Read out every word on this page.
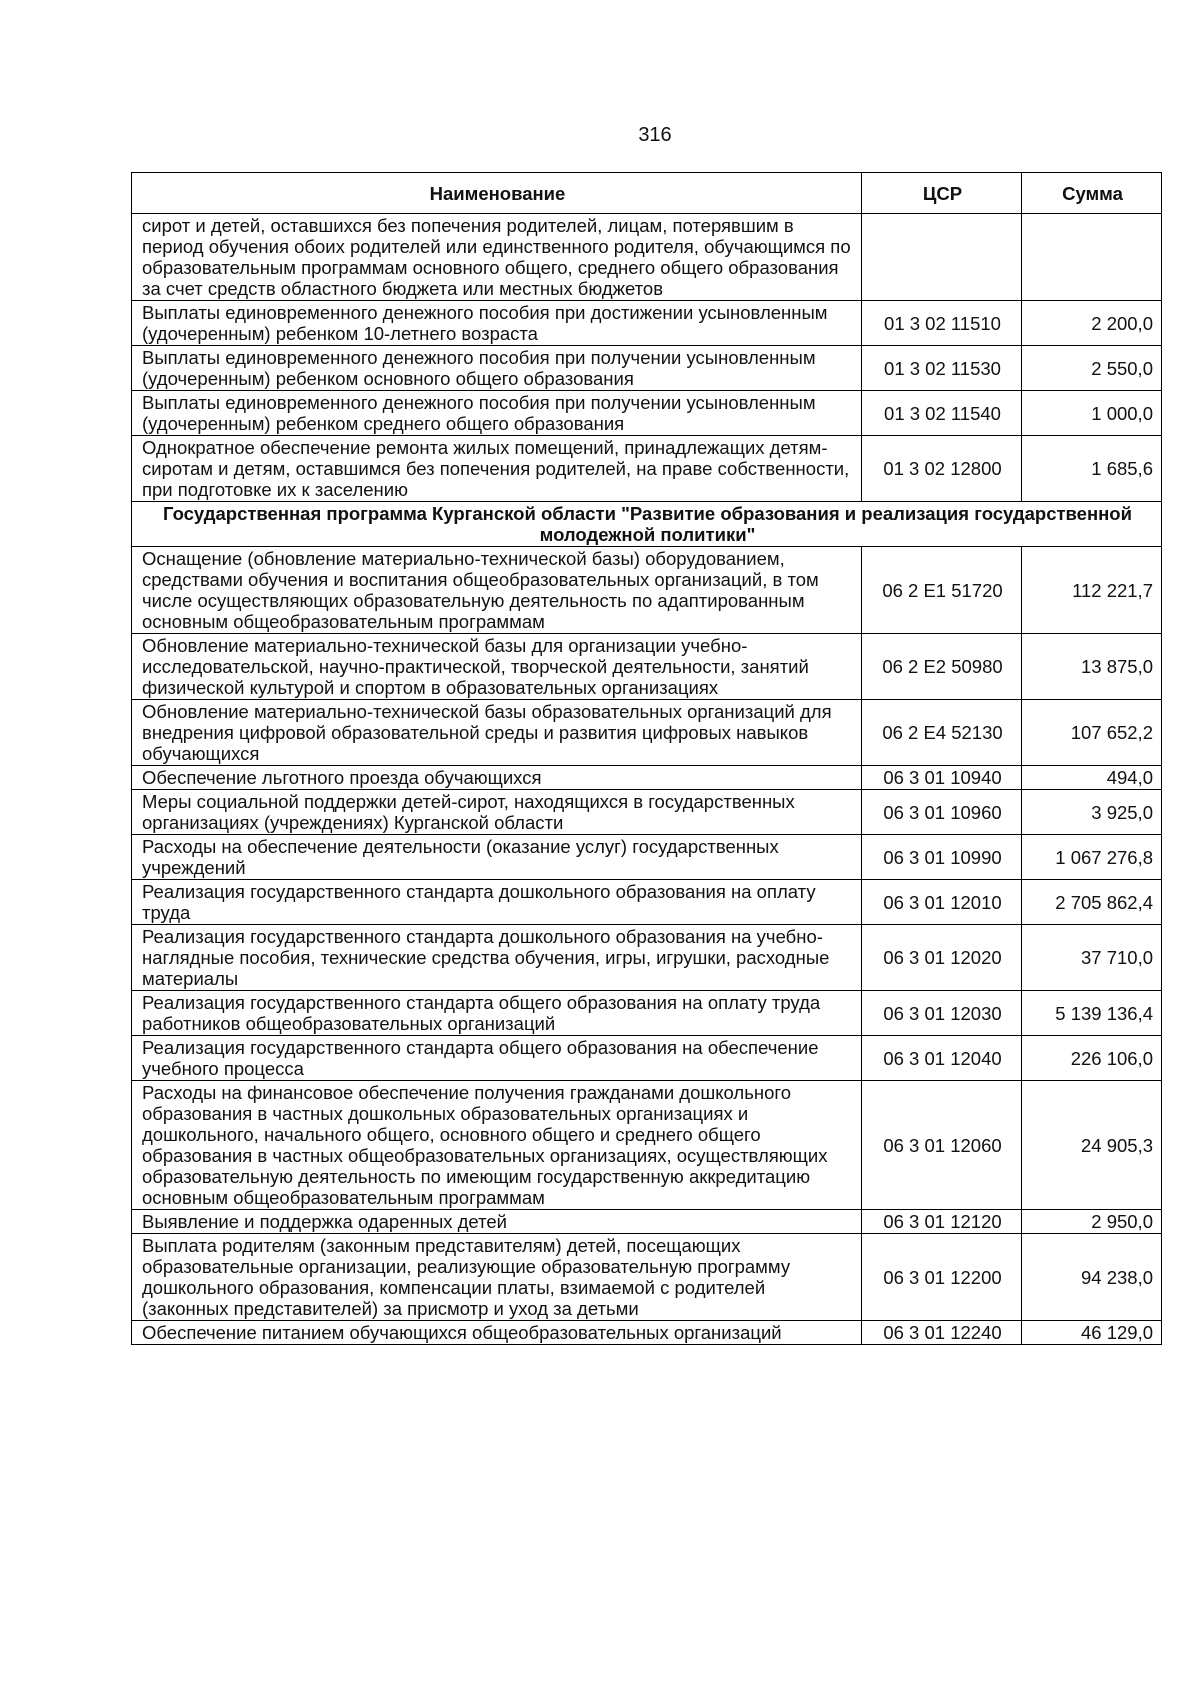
316
Наименование	ЦСР	Сумма
сирот и детей, оставшихся без попечения родителей, лицам, потерявшим в период обучения обоих родителей или единственного родителя, обучающимся по образовательным программам основного общего, среднего общего образования за счет средств областного бюджета или местных бюджетов		
Выплаты единовременного денежного пособия при достижении усыновленным (удочеренным) ребенком 10-летнего возраста	01 3 02 11510	2 200,0
Выплаты единовременного денежного пособия при получении усыновленным (удочеренным) ребенком основного общего образования	01 3 02 11530	2 550,0
Выплаты единовременного денежного пособия при получении усыновленным (удочеренным) ребенком среднего общего образования	01 3 02 11540	1 000,0
Однократное обеспечение ремонта жилых помещений, принадлежащих детям-сиротам и детям, оставшимся без попечения родителей, на праве собственности, при подготовке их к заселению	01 3 02 12800	1 685,6
Государственная программа Курганской области "Развитие образования и реализация государственной молодежной политики"		
Оснащение (обновление материально-технической базы) оборудованием, средствами обучения и воспитания общеобразовательных организаций, в том числе осуществляющих образовательную деятельность по адаптированным основным общеобразовательным программам	06 2 Е1 51720	112 221,7
Обновление материально-технической базы для организации учебно-исследовательской, научно-практической, творческой деятельности, занятий физической культурой и спортом в образовательных организациях	06 2 Е2 50980	13 875,0
Обновление материально-технической базы образовательных организаций для внедрения цифровой образовательной среды и развития цифровых навыков обучающихся	06 2 Е4 52130	107 652,2
Обеспечение льготного проезда обучающихся	06 3 01 10940	494,0
Меры социальной поддержки детей-сирот, находящихся в государственных организациях (учреждениях) Курганской области	06 3 01 10960	3 925,0
Расходы на обеспечение деятельности (оказание услуг) государственных учреждений	06 3 01 10990	1 067 276,8
Реализация государственного стандарта дошкольного образования на оплату труда	06 3 01 12010	2 705 862,4
Реализация государственного стандарта дошкольного образования на учебно-наглядные пособия, технические средства обучения, игры, игрушки, расходные материалы	06 3 01 12020	37 710,0
Реализация государственного стандарта общего образования на оплату труда работников общеобразовательных организаций	06 3 01 12030	5 139 136,4
Реализация государственного стандарта общего образования на обеспечение учебного процесса	06 3 01 12040	226 106,0
Расходы на финансовое обеспечение получения гражданами дошкольного образования в частных дошкольных образовательных организациях и дошкольного, начального общего, основного общего и среднего общего образования в частных общеобразовательных организациях, осуществляющих образовательную деятельность по имеющим государственную аккредитацию основным общеобразовательным программам	06 3 01 12060	24 905,3
Выявление и поддержка одаренных детей	06 3 01 12120	2 950,0
Выплата родителям (законным представителям) детей, посещающих образовательные организации, реализующие образовательную программу дошкольного образования, компенсации платы, взимаемой с родителей (законных представителей) за присмотр и уход за детьми	06 3 01 12200	94 238,0
Обеспечение питанием обучающихся общеобразовательных организаций	06 3 01 12240	46 129,0
